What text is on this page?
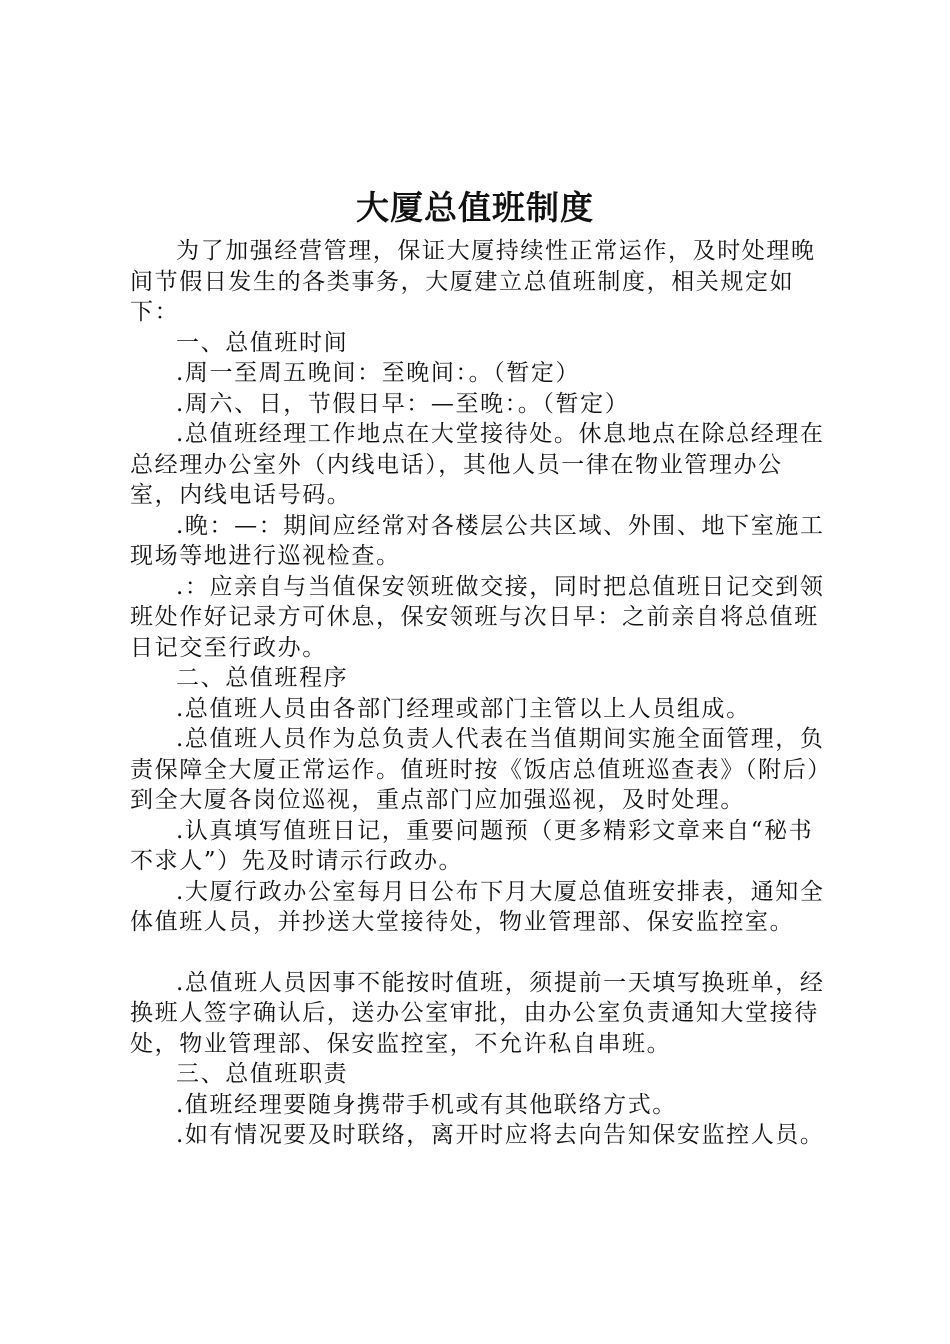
大厦总值班制度

为了加强经营管理，保证大厦持续性正常运作，及时处理晚间节假日发生的各类事务，大厦建立总值班制度，相关规定如下：

一、总值班时间

.周一至周五晚间：至晚间：。（暂定）

.周六、日，节假日早：—至晚：。（暂定）

.总值班经理工作地点在大堂接待处。休息地点在除总经理在总经理办公室外（内线电话），其他人员一律在物业管理办公室，内线电话号码。

.晚：—：期间应经常对各楼层公共区域、外围、地下室施工现场等地进行巡视检查。

.：应亲自与当值保安领班做交接，同时把总值班日记交到领班处作好记录方可休息，保安领班与次日早：之前亲自将总值班日记交至行政办。

二、总值班程序

.总值班人员由各部门经理或部门主管以上人员组成。

.总值班人员作为总负责人代表在当值期间实施全面管理，负责保障全大厦正常运作。值班时按《饭店总值班巡查表》（附后）到全大厦各岗位巡视，重点部门应加强巡视，及时处理。

.认真填写值班日记，重要问题预（更多精彩文章来自“秘书不求人”）先及时请示行政办。

.大厦行政办公室每月日公布下月大厦总值班安排表，通知全体值班人员，并抄送大堂接待处，物业管理部、保安监控室。

.总值班人员因事不能按时值班，须提前一天填写换班单，经换班人签字确认后，送办公室审批，由办公室负责通知大堂接待处，物业管理部、保安监控室，不允许私自串班。

三、总值班职责

.值班经理要随身携带手机或有其他联络方式。

.如有情况要及时联络，离开时应将去向告知保安监控人员。
